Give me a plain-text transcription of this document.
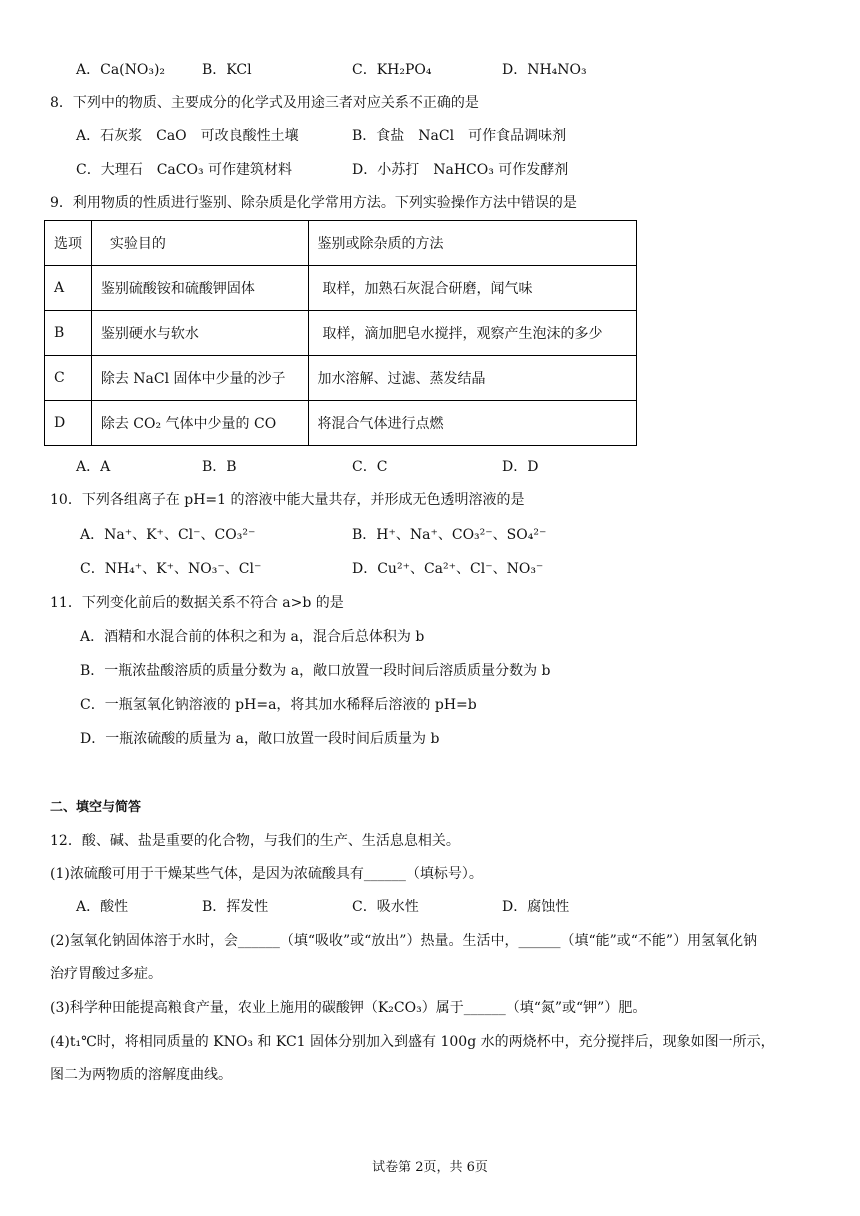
A．Ca(NO₃)₂	B．KCl	C．KH₂PO₄	D．NH₄NO₃
8．下列中的物质、主要成分的化学式及用途三者对应关系不正确的是
A．石灰浆　CaO　可改良酸性土壤	B．食盐　NaCl　可作食品调味剂
C．大理石　CaCO₃ 可作建筑材料	D．小苏打　NaHCO₃ 可作发酵剂
9．利用物质的性质进行鉴别、除杂质是化学常用方法。下列实验操作方法中错误的是
选项	实验目的	鉴别或除杂质的方法
A	鉴别硫酸铵和硫酸钾固体	取样，加熟石灰混合研磨，闻气味
B	鉴别硬水与软水	取样，滴加肥皂水搅拌，观察产生泡沫的多少
C	除去 NaCl 固体中少量的沙子	加水溶解、过滤、蒸发结晶
D	除去 CO₂ 气体中少量的 CO	将混合气体进行点燃
A．A	B．B	C．C	D．D
10．下列各组离子在 pH=1 的溶液中能大量共存，并形成无色透明溶液的是
A．Na⁺、K⁺、Cl⁻、CO₃²⁻	B．H⁺、Na⁺、CO₃²⁻、SO₄²⁻
C．NH₄⁺、K⁺、NO₃⁻、Cl⁻	D．Cu²⁺、Ca²⁺、Cl⁻、NO₃⁻
11．下列变化前后的数据关系不符合 a>b 的是
A．酒精和水混合前的体积之和为 a，混合后总体积为 b
B．一瓶浓盐酸溶质的质量分数为 a，敞口放置一段时间后溶质质量分数为 b
C．一瓶氢氧化钠溶液的 pH=a，将其加水稀释后溶液的 pH=b
D．一瓶浓硫酸的质量为 a，敞口放置一段时间后质量为 b
二、填空与简答
12．酸、碱、盐是重要的化合物，与我们的生产、生活息息相关。
(1)浓硫酸可用于干燥某些气体，是因为浓硫酸具有______（填标号）。
A．酸性	B．挥发性	C．吸水性	D．腐蚀性
(2)氢氧化钠固体溶于水时，会______（填“吸收”或“放出”）热量。生活中，______（填“能”或“不能”）用氢氧化钠
治疗胃酸过多症。
(3)科学种田能提高粮食产量，农业上施用的碳酸钾（K₂CO₃）属于______（填“氮”或“钾”）肥。
(4)t₁℃时，将相同质量的 KNO₃ 和 KC1 固体分别加入到盛有 100g 水的两烧杯中，充分搅拌后，现象如图一所示，
图二为两物质的溶解度曲线。
试卷第 2页，共 6页
